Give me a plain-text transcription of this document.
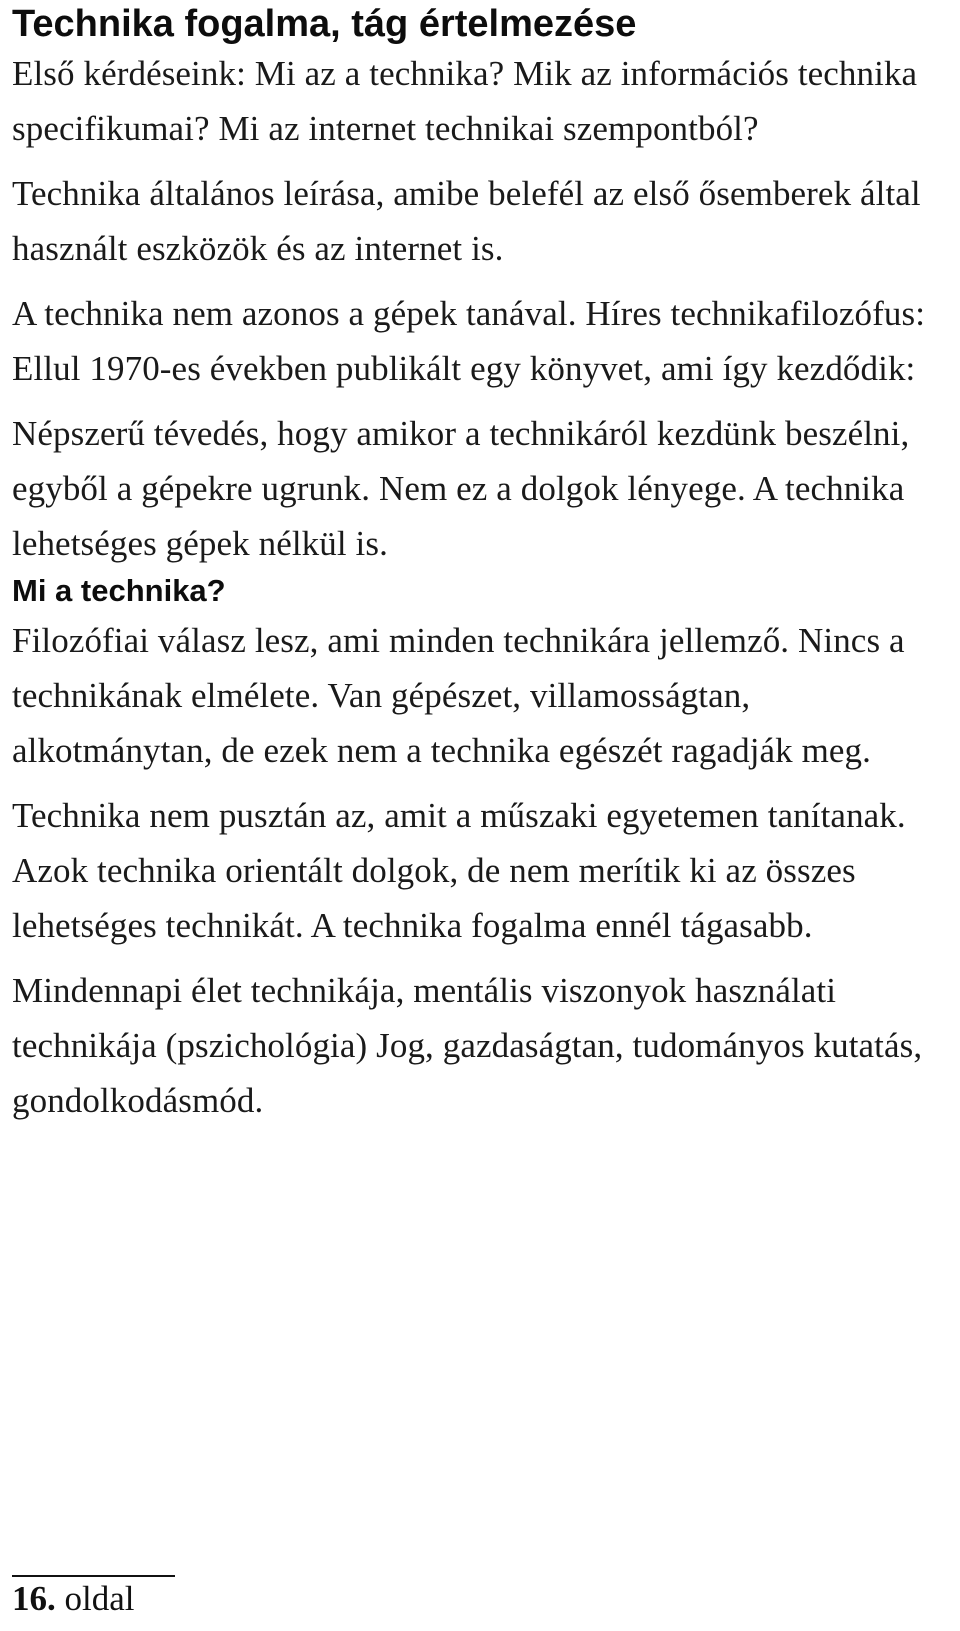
Technika fogalma, tág értelmezése

Első kérdéseink: Mi az a technika? Mik az információs technika specifikumai? Mi az internet technikai szempontból?

Technika általános leírása, amibe belefél az első ősemberek által használt eszközök és az internet is.

A technika nem azonos a gépek tanával. Híres technikafilozófus: Ellul 1970-es években publikált egy könyvet, ami így kezdődik:

Népszerű tévedés, hogy amikor a technikáról kezdünk beszélni, egyből a gépekre ugrunk. Nem ez a dolgok lényege. A technika lehetséges gépek nélkül is.

Mi a technika?

Filozófiai válasz lesz, ami minden technikára jellemző. Nincs a technikának elmélete. Van gépészet, villamosságtan, alkotmánytan, de ezek nem a technika egészét ragadják meg.

Technika nem pusztán az, amit a műszaki egyetemen tanítanak. Azok technika orientált dolgok, de nem merítik ki az összes lehetséges technikát. A technika fogalma ennél tágasabb.

Mindennapi élet technikája, mentális viszonyok használati technikája (pszichológia) Jog, gazdaságtan, tudományos kutatás, gondolkodásmód.

16. oldal
